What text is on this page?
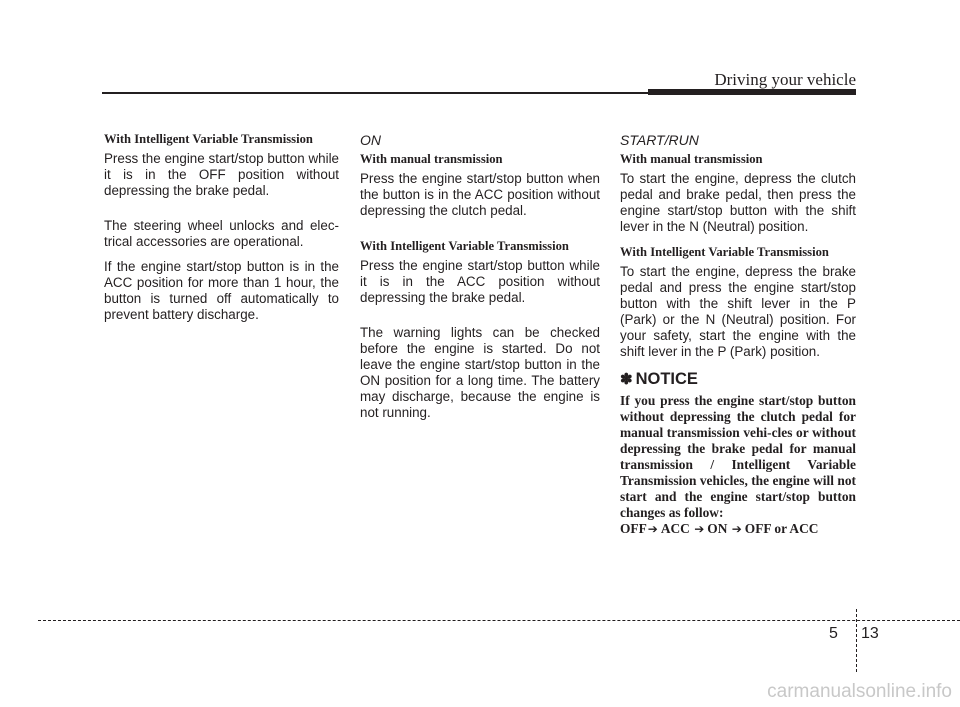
Driving your vehicle

With Intelligent Variable Transmission

Press the engine start/stop button while it is in the OFF position without depressing the brake pedal.

The steering wheel unlocks and elec-trical accessories are operational.

If the engine start/stop button is in the ACC position for more than 1 hour, the button is turned off automatically to prevent battery discharge.

ON

With manual transmission

Press the engine start/stop button when the button is in the ACC position without depressing the clutch pedal.

With Intelligent Variable Transmission

Press the engine start/stop button while it is in the ACC position without depressing the brake pedal.

The warning lights can be checked before the engine is started. Do not leave the engine start/stop button in the ON position for a long time. The battery may discharge, because the engine is not running.

START/RUN

With manual transmission

To start the engine, depress the clutch pedal and brake pedal, then press the engine start/stop button with the shift lever in the N (Neutral) position.

With Intelligent Variable Transmission

To start the engine, depress the brake pedal and press the engine start/stop button with the shift lever in the P (Park) or the N (Neutral) position. For your safety, start the engine with the shift lever in the P (Park) position.

✽ NOTICE

If you press the engine start/stop button without depressing the clutch pedal for manual transmission vehi-cles or without depressing the brake pedal for manual transmission / Intelligent Variable Transmission vehicles, the engine will not start and the engine start/stop button changes as follow:

OFF➔ ACC ➔ ON ➔ OFF or ACC

5 13
carmanualsonline.info
